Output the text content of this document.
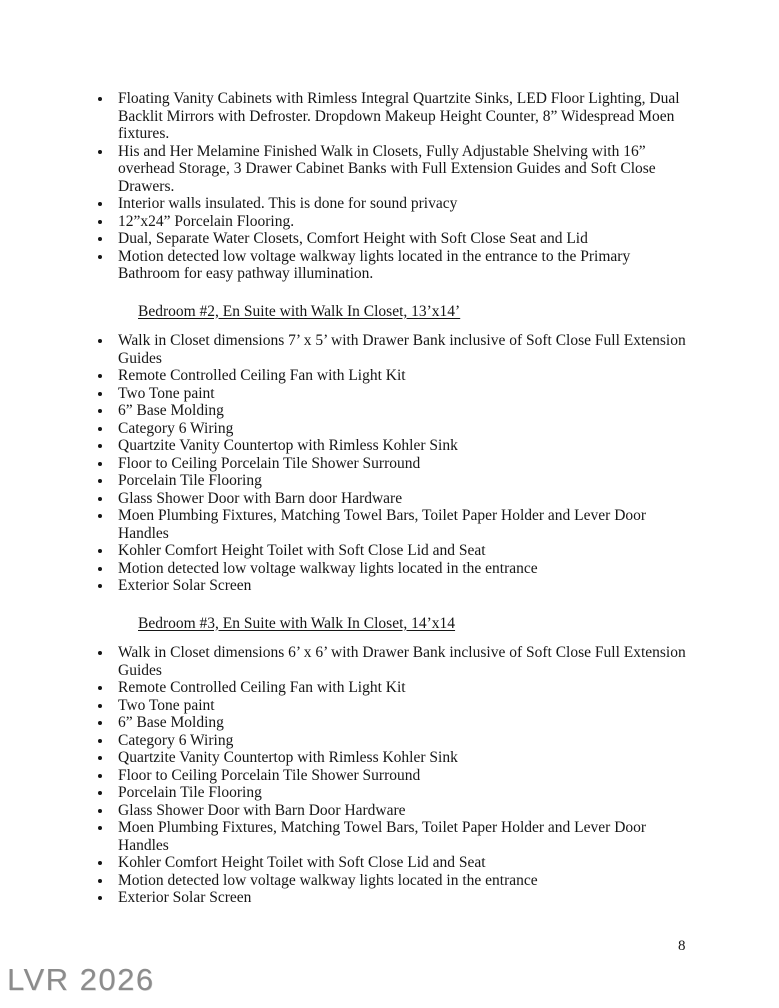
• Floating Vanity Cabinets with Rimless Integral Quartzite Sinks, LED Floor Lighting, Dual Backlit Mirrors with Defroster. Dropdown Makeup Height Counter, 8” Widespread Moen fixtures.
• His and Her Melamine Finished Walk in Closets, Fully Adjustable Shelving with 16” overhead Storage, 3 Drawer Cabinet Banks with Full Extension Guides and Soft Close Drawers.
• Interior walls insulated. This is done for sound privacy
• 12”x24” Porcelain Flooring.
• Dual, Separate Water Closets, Comfort Height with Soft Close Seat and Lid
• Motion detected low voltage walkway lights located in the entrance to the Primary Bathroom for easy pathway illumination.
Bedroom #2, En Suite with Walk In Closet, 13’x14’
• Walk in Closet dimensions 7’ x 5’ with Drawer Bank inclusive of Soft Close Full Extension Guides
• Remote Controlled Ceiling Fan with Light Kit
• Two Tone paint
• 6” Base Molding
• Category 6 Wiring
• Quartzite Vanity Countertop with Rimless Kohler Sink
• Floor to Ceiling Porcelain Tile Shower Surround
• Porcelain Tile Flooring
• Glass Shower Door with Barn door Hardware
• Moen Plumbing Fixtures, Matching Towel Bars, Toilet Paper Holder and Lever Door Handles
• Kohler Comfort Height Toilet with Soft Close Lid and Seat
• Motion detected low voltage walkway lights located in the entrance
• Exterior Solar Screen
Bedroom #3, En Suite with Walk In Closet, 14’x14
• Walk in Closet dimensions 6’ x 6’ with Drawer Bank inclusive of Soft Close Full Extension Guides
• Remote Controlled Ceiling Fan with Light Kit
• Two Tone paint
• 6” Base Molding
• Category 6 Wiring
• Quartzite Vanity Countertop with Rimless Kohler Sink
• Floor to Ceiling Porcelain Tile Shower Surround
• Porcelain Tile Flooring
• Glass Shower Door with Barn Door Hardware
• Moen Plumbing Fixtures, Matching Towel Bars, Toilet Paper Holder and Lever Door Handles
• Kohler Comfort Height Toilet with Soft Close Lid and Seat
• Motion detected low voltage walkway lights located in the entrance
• Exterior Solar Screen
8
LVR 2026
